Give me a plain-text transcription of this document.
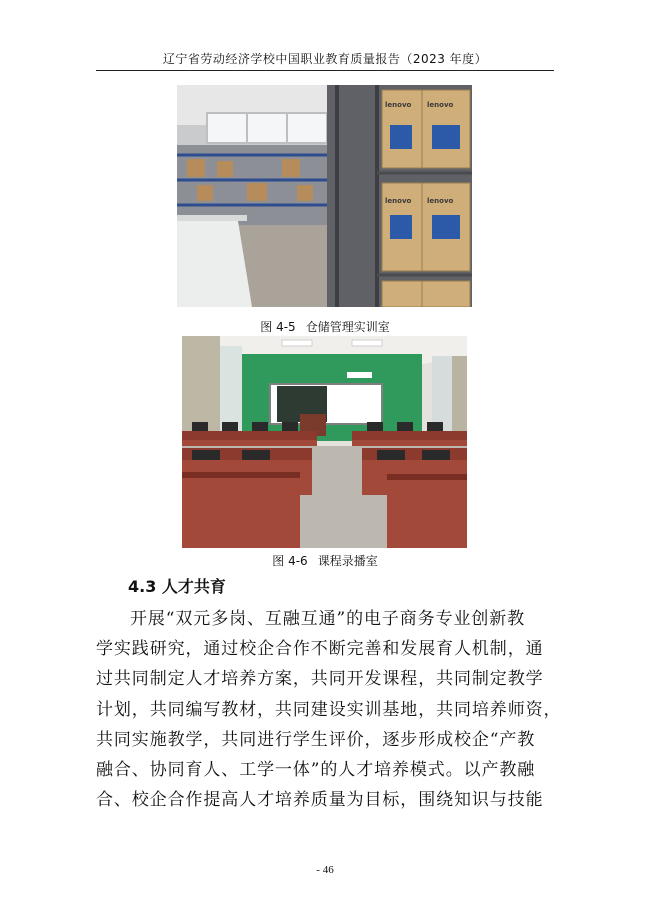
辽宁省劳动经济学校中国职业教育质量报告（2023 年度）
lenovo lenovo
lenovo lenovo
图 4-5 仓储管理实训室
图 4-6 课程录播室
4.3 人才共育
开展“双元多岗、互融互通”的电子商务专业创新教
学实践研究，通过校企合作不断完善和发展育人机制，通
过共同制定人才培养方案，共同开发课程，共同制定教学
计划，共同编写教材，共同建设实训基地，共同培养师资，
共同实施教学，共同进行学生评价，逐步形成校企“产教
融合、协同育人、工学一体”的人才培养模式。以产教融
合、校企合作提高人才培养质量为目标，围绕知识与技能
- 46
